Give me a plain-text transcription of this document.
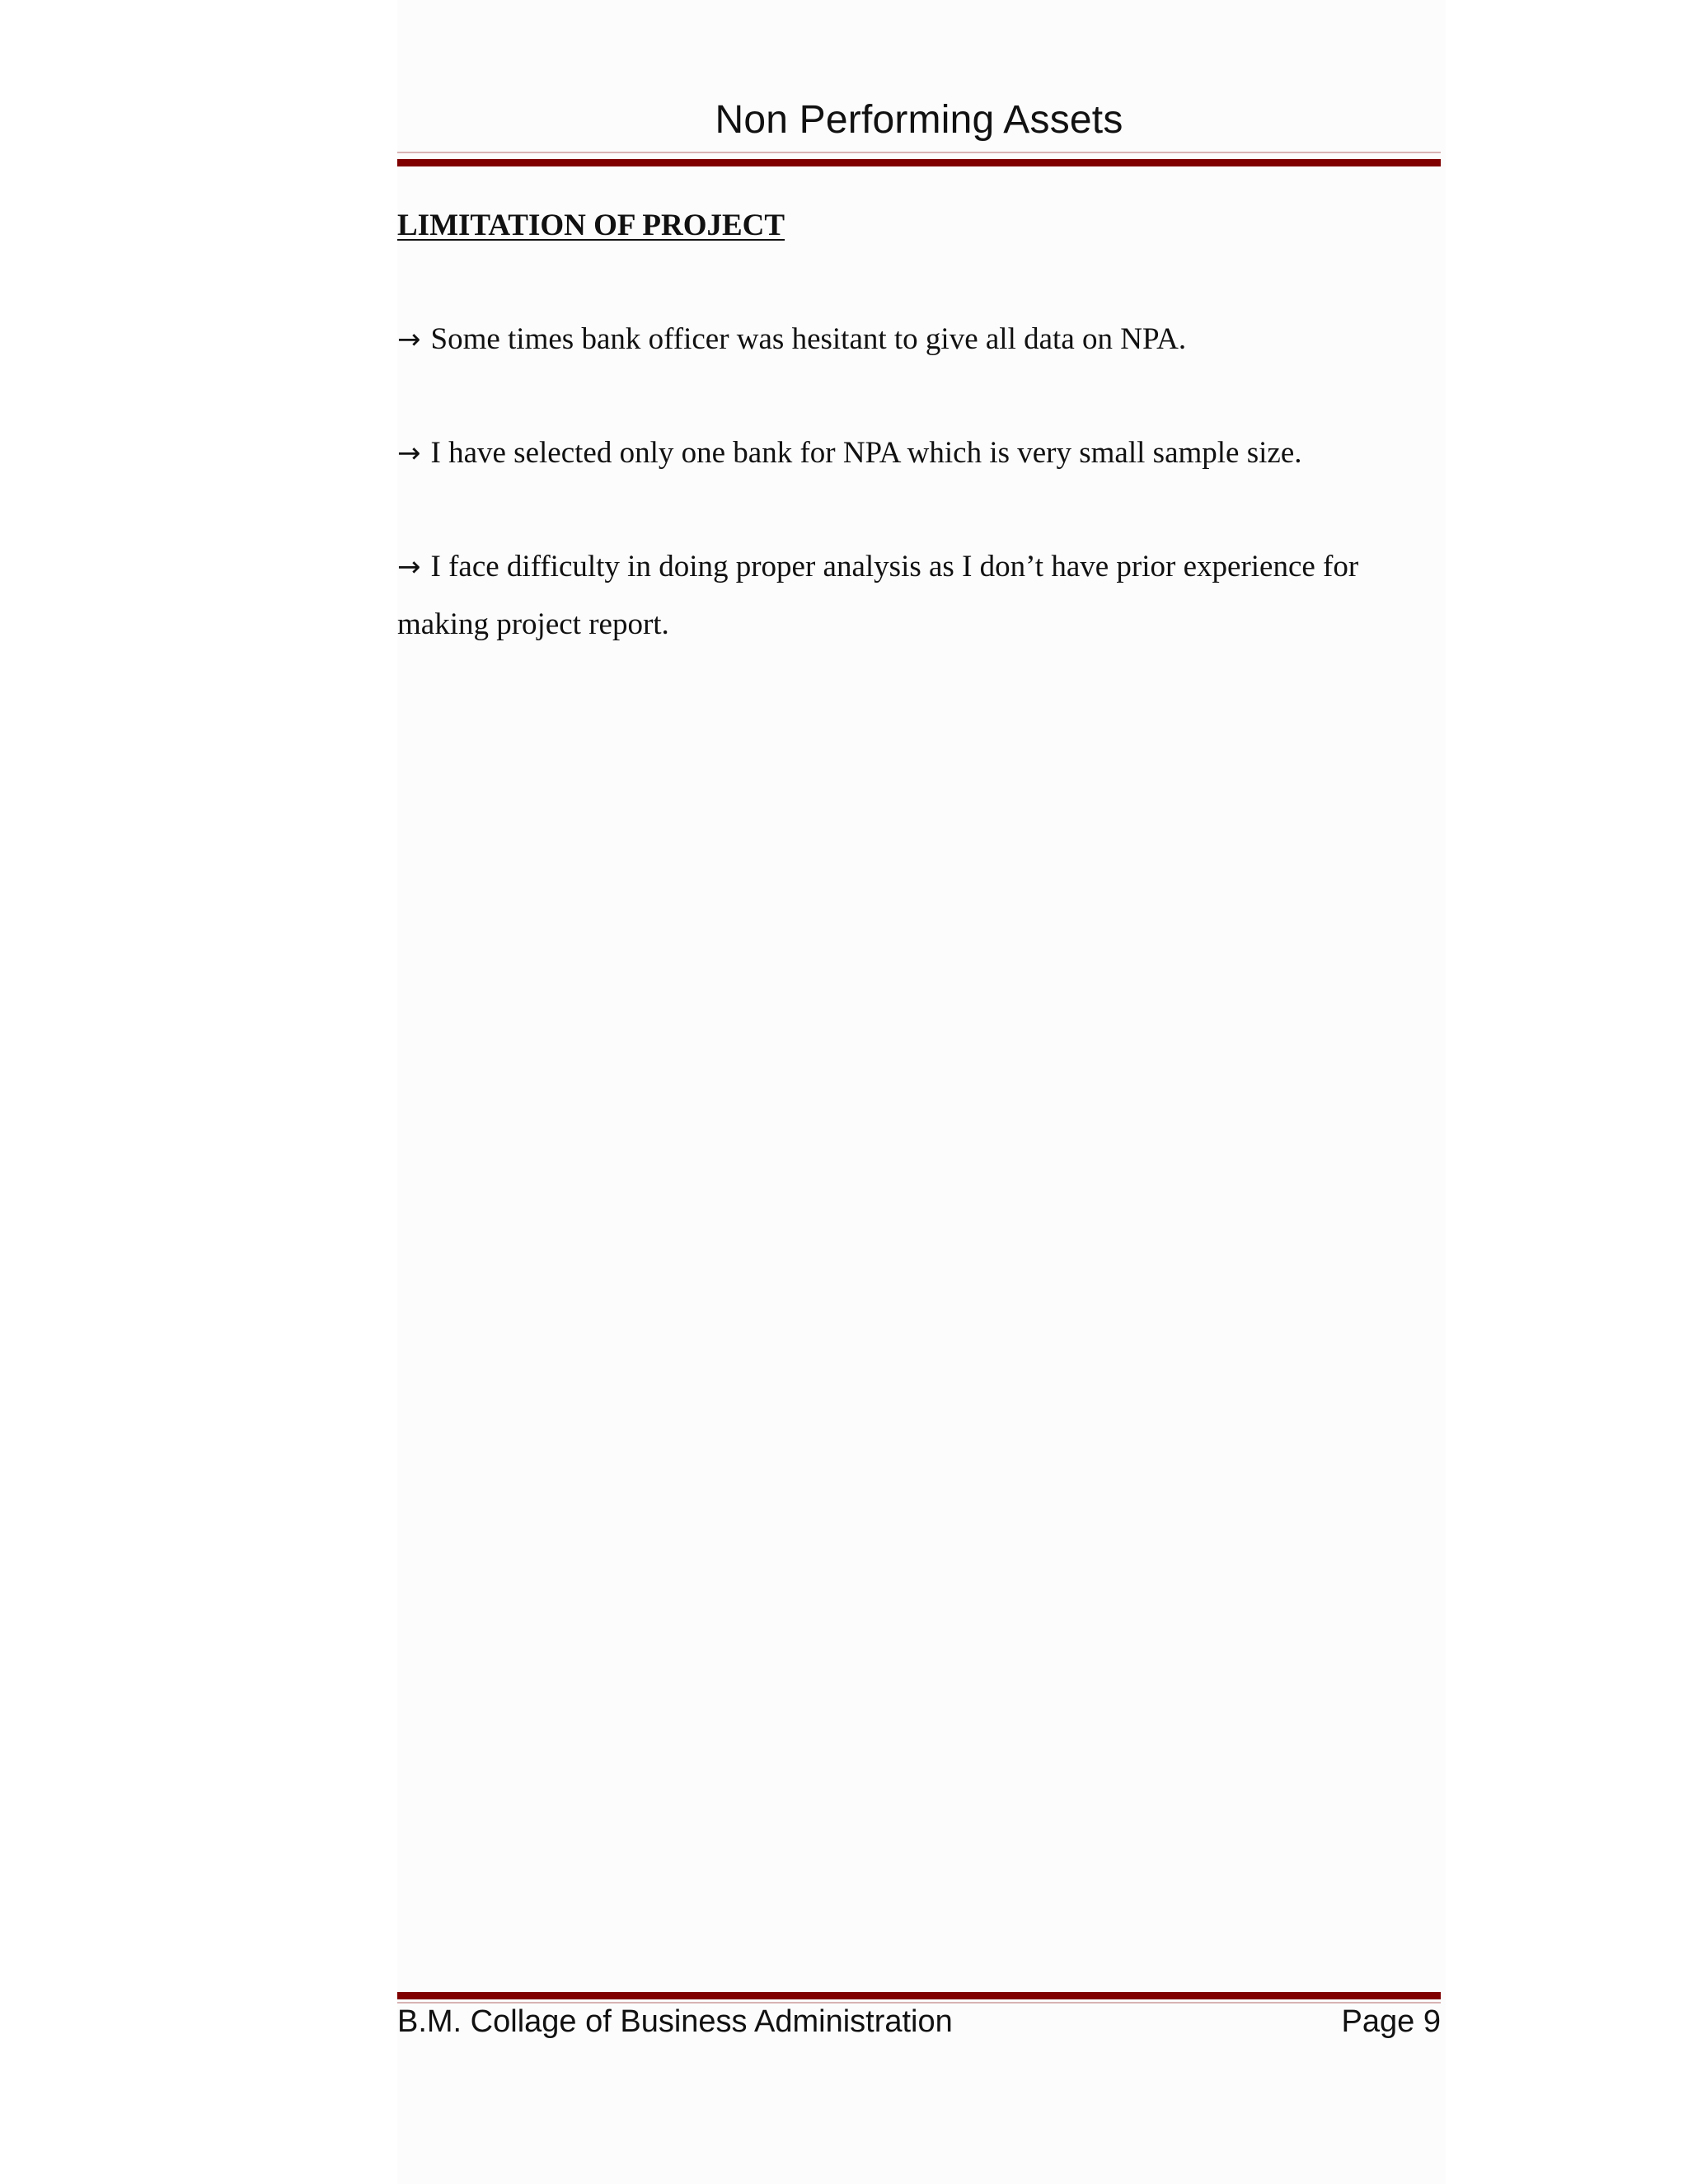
Non Performing Assets
LIMITATION OF PROJECT
→ Some times bank officer was hesitant to give all data on NPA.
→ I have selected only one bank for NPA which is very small sample size.
→ I face difficulty in doing proper analysis as I don’t have prior experience for making project report.
B.M. Collage of Business Administration	Page 9
